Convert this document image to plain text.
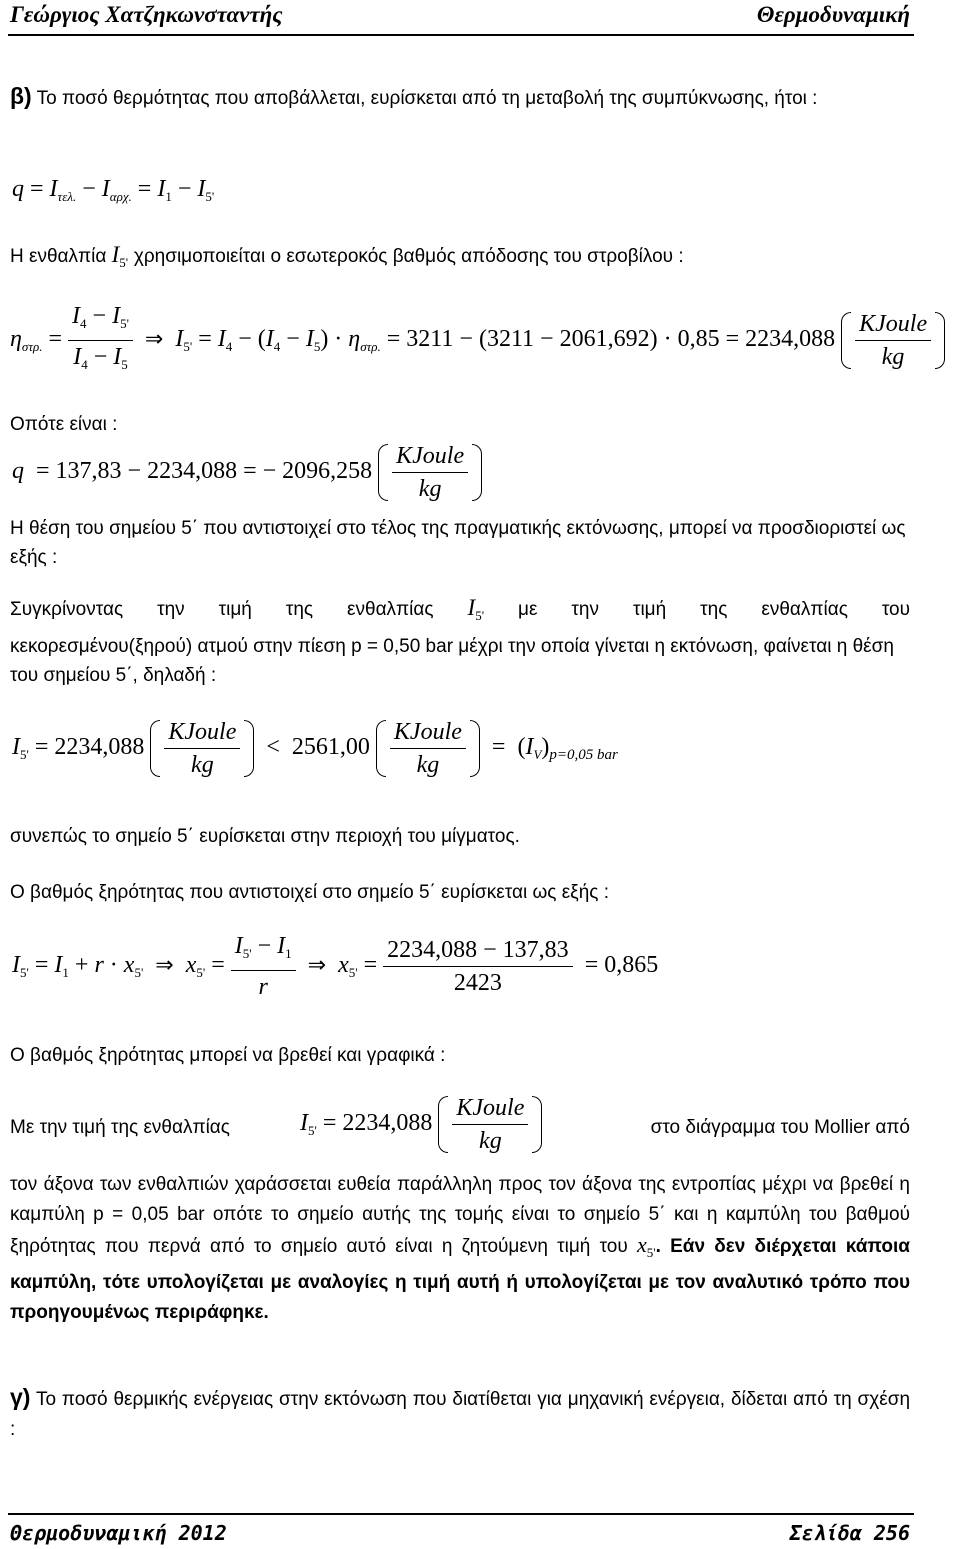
Γεώργιος Χατζηκωνσταντής	Θερμοδυναμική
β) Το ποσό θερμότητας που αποβάλλεται, ευρίσκεται από τη μεταβολή της συμπύκνωσης, ήτοι :
$q = I_{\tau\varepsilon\lambda.} - I_{\alpha\rho\chi.} = I_1 - I_{5'}$
Η ενθαλπία $I_{5'}$ χρησιμοποιείται ο εσωτεροκός βαθμός απόδοσης του στροβίλου :
$\eta_{\sigma\tau\rho.} = \frac{I_4 - I_{5'}}{I_4 - I_5}$ ⇒ $I_{5'} = I_4 - (I_4 - I_5) \cdot \eta_{\sigma\tau\rho.} = 3211 - (3211 - 2061,692) \cdot 0,85 = 2234,088 \frac{\text{KJoule}}{kg}$
Οπότε είναι :
q = 137,83 − 2234,088 = − $2096,258 \frac{\text{KJoule}}{kg}$
Η θέση του σημείου 5΄ που αντιστοιχεί στο τέλος της πραγματικής εκτόνωσης, μπορεί να προσδιοριστεί ως εξής :
Συγκρίνοντας την τιμή της ενθαλπίας $I_{5'}$ με την τιμή της ενθαλπίας του
κεκορεσμένου(ξηρού) ατμού στην πίεση p = 0,50 bar μέχρι την οποία γίνεται η εκτόνωση, φαίνεται η θέση του σημείου 5΄, δηλαδή :
$I_{5'} = 2234,088 \frac{\text{KJoule}}{kg} < 2561,00 \frac{\text{KJoule}}{kg} = (I_V)_{p=0,05 bar}$
συνεπώς το σημείο 5΄ ευρίσκεται στην περιοχή του μίγματος.
Ο βαθμός ξηρότητας που αντιστοιχεί στο σημείο 5΄ ευρίσκεται ως εξής :
$I_{5'} = I_1 + r \cdot x_{5'}$ ⇒ $x_{5'} = \frac{I_{5'} - I_1}{r}$ ⇒ $x_{5'} = \frac{2234,088 - 137,83}{2423} = 0,865$
Ο βαθμός ξηρότητας μπορεί να βρεθεί και γραφικά :
Με την τιμή της ενθαλπίας	$I_{5'} = 2234,088 \frac{\text{KJoule}}{kg}$	στο διάγραμμα του Mollier από
τον άξονα των ενθαλπιών χαράσσεται ευθεία παράλληλη προς τον άξονα της εντροπίας μέχρι να βρεθεί η καμπύλη p = 0,05 bar οπότε το σημείο αυτής της τομής είναι το σημείο 5΄ και η καμπύλη του βαθμού ξηρότητας που περνά από το σημείο αυτό είναι η ζητούμενη τιμή του $x_{5'}$. Εάν δεν διέρχεται κάποια καμπύλη, τότε υπολογίζεται με αναλογίες η τιμή αυτή ή υπολογίζεται με τον αναλυτικό τρόπο που προηγουμένως περιράφηκε.
γ) Το ποσό θερμικής ενέργειας στην εκτόνωση που διατίθεται για μηχανική ενέργεια, δίδεται από τη σχέση :
Θερμοδυναμική 2012	Σελίδα 256
